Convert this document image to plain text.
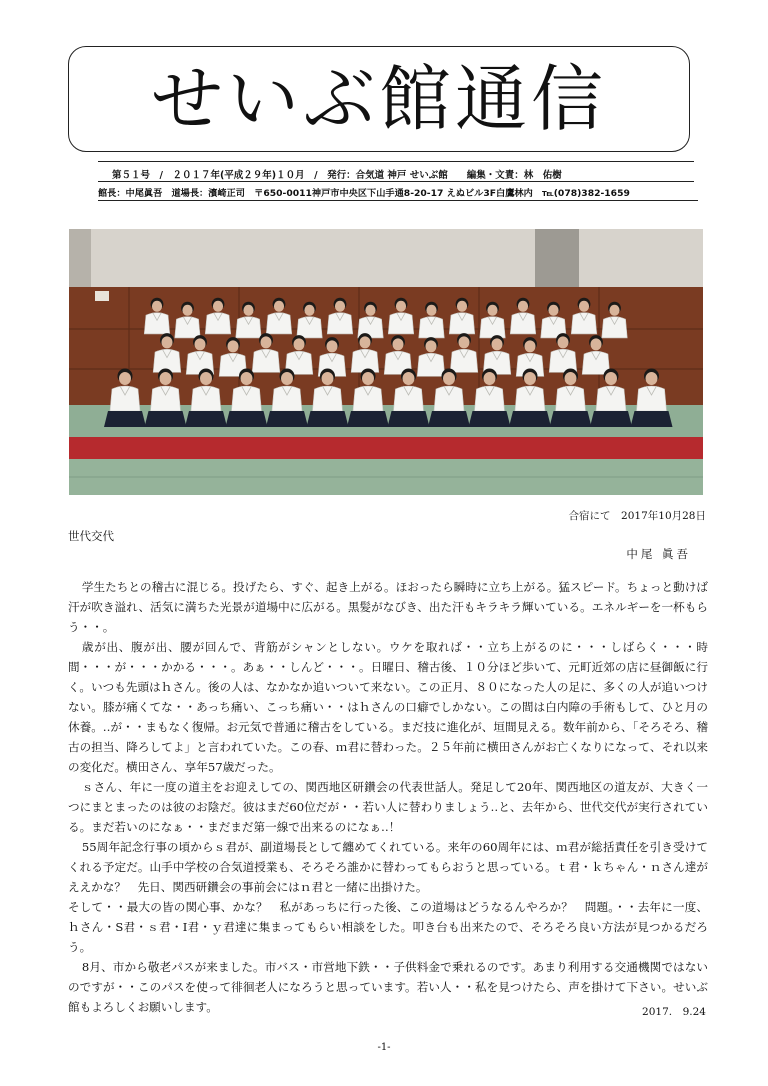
せいぶ館通信
第５１号　/　２０１７年(平成２９年)１０月　/　発行：合気道 神戸 せいぶ館　　編集・文責：林　佑樹
館長：中尾眞吾　道場長：濱崎正司　〒650-0011神戸市中央区下山手通8-20-17 えぬビル3F白鷹林内　℡(078)382-1659
合宿にて　2017年10月28日
世代交代
中尾 眞吾

学生たちとの稽古に混じる。投げたら、すぐ、起き上がる。ほおったら瞬時に立ち上がる。猛スピード。ちょっと動けば汗が吹き溢れ、活気に満ちた光景が道場中に広がる。黒髪がなびき、出た汗もキラキラ輝いている。エネルギーを一杯もらう・・。

歳が出、腹が出、腰が回んで、背筋がシャンとしない。ウケを取れば・・立ち上がるのに・・・しばらく・・・時間・・・が・・・かかる・・・。あぁ・・しんど・・・。日曜日、稽古後、１０分ほど歩いて、元町近郊の店に昼御飯に行く。いつも先頭はｈさん。後の人は、なかなか追いついて来ない。この正月、８０になった人の足に、多くの人が追いつけない。膝が痛くてな・・あっち痛い、こっち痛い・・はｈさんの口癖でしかない。この間は白内障の手術もして、ひと月の休養。‥が・・まもなく復帰。お元気で普通に稽古をしている。まだ技に進化が、垣間見える。数年前から、「そろそろ、稽古の担当、降ろしてよ」と言われていた。この春、ｍ君に替わった。２５年前に横田さんがお亡くなりになって、それ以来の変化だ。横田さん、享年57歳だった。

ｓさん、年に一度の道主をお迎えしての、関西地区研鑽会の代表世話人。発足して20年、関西地区の道友が、大きく一つにまとまったのは彼のお陰だ。彼はまだ60位だが・・若い人に替わりましょう‥と、去年から、世代交代が実行されている。まだ若いのになぁ・・まだまだ第一線で出来るのになぁ‥！

55周年記念行事の頃からｓ君が、副道場長として纏めてくれている。来年の60周年には、ｍ君が総括責任を引き受けてくれる予定だ。山手中学校の合気道授業も、そろそろ誰かに替わってもらおうと思っている。ｔ君・ｋちゃん・ｎさん達がええかな？　先日、関西研鑽会の事前会にはｎ君と一緒に出掛けた。

そして・・最大の皆の関心事、かな？　私があっちに行った後、この道場はどうなるんやろか？　問題。・・去年に一度、ｈさん・S君・ｓ君・I君・ｙ君達に集まってもらい相談をした。叩き台も出来たので、そろそろ良い方法が見つかるだろう。

8月、市から敬老パスが来ました。市バス・市営地下鉄・・子供料金で乗れるのです。あまり利用する交通機関ではないのですが・・このパスを使って徘徊老人になろうと思っています。若い人・・私を見つけたら、声を掛けて下さい。せいぶ館もよろしくお願いします。	2017.　9.24
-1-
